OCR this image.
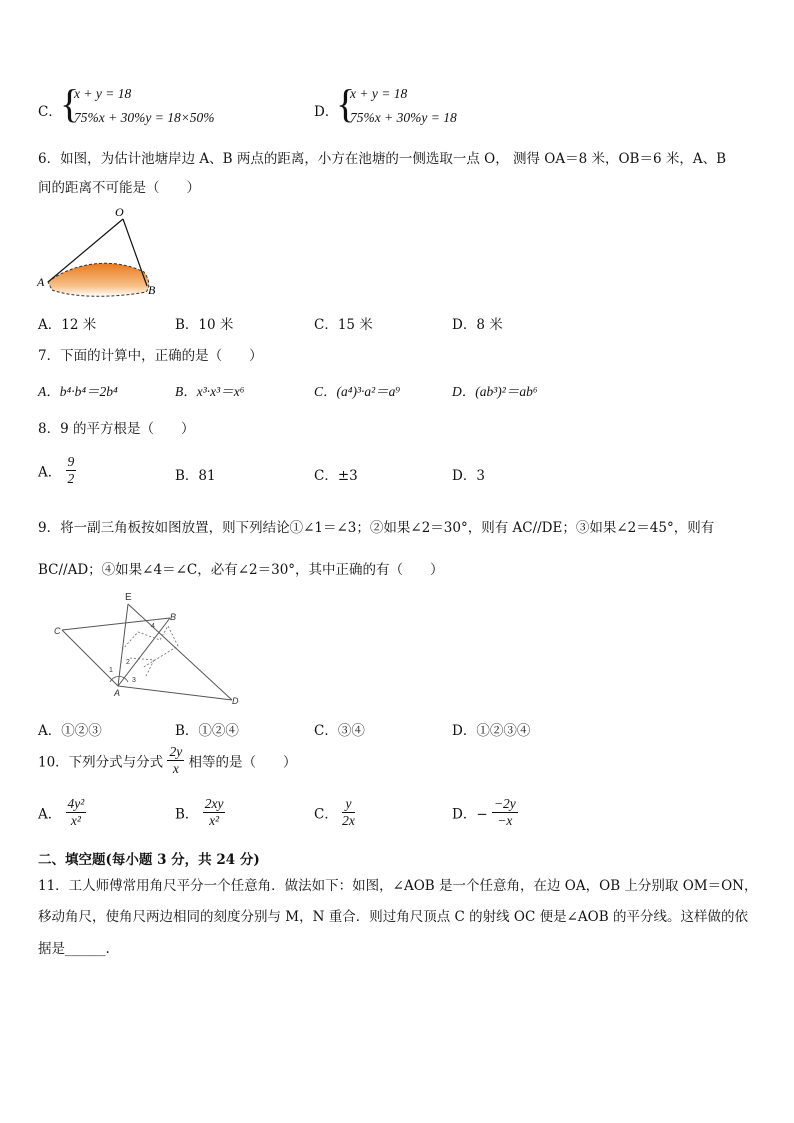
C．
{
x + y = 18
75%x + 30%y = 18×50%	D．
{
x + y = 18
75%x + 30%y = 18
6．如图，为估计池塘岸边 A、B 两点的距离，小方在池塘的一侧选取一点 O， 测得 OA＝8 米，OB＝6 米，A、B
间的距离不可能是（　　）
O
A
B
A．12 米	B．10 米	C．15 米	D．8 米
7．下面的计算中，正确的是（　　）
A．b⁴·b⁴＝2b⁴	B．x³·x³＝x⁶	C．(a⁴)³·a²＝a⁹	D．(ab³)²＝ab⁶
8．9 的平方根是（　　）
A． $\frac{9}{2}$	B．81	C．±3	D．3
9．将一副三角板按如图放置，则下列结论①∠1＝∠3；②如果∠2＝30°，则有 AC//DE；③如果∠2＝45°，则有
BC//AD；④如果∠4＝∠C，必有∠2＝30°，其中正确的有（　　）
E
B
C
A
D
1
2
3
4
A．①②③	B．①②④	C．③④	D．①②③④
10．下列分式与分式 $\frac{2y}{x}$ 相等的是（　　）
A． $\frac{\text{4y²}}{\text{x²}}$	B． $\frac{2xy}{\text{x²}}$	C． $\frac{y}{2x}$	D．− $\frac{-2y}{-x}$
二、填空题(每小题 3 分，共 24 分)
11．工人师傅常用角尺平分一个任意角．做法如下：如图，∠AOB 是一个任意角，在边 OA，OB 上分别取 OM＝ON，
移动角尺，使角尺两边相同的刻度分别与 M，N 重合．则过角尺顶点 C 的射线 OC 便是∠AOB 的平分线。这样做的依
据是______.
